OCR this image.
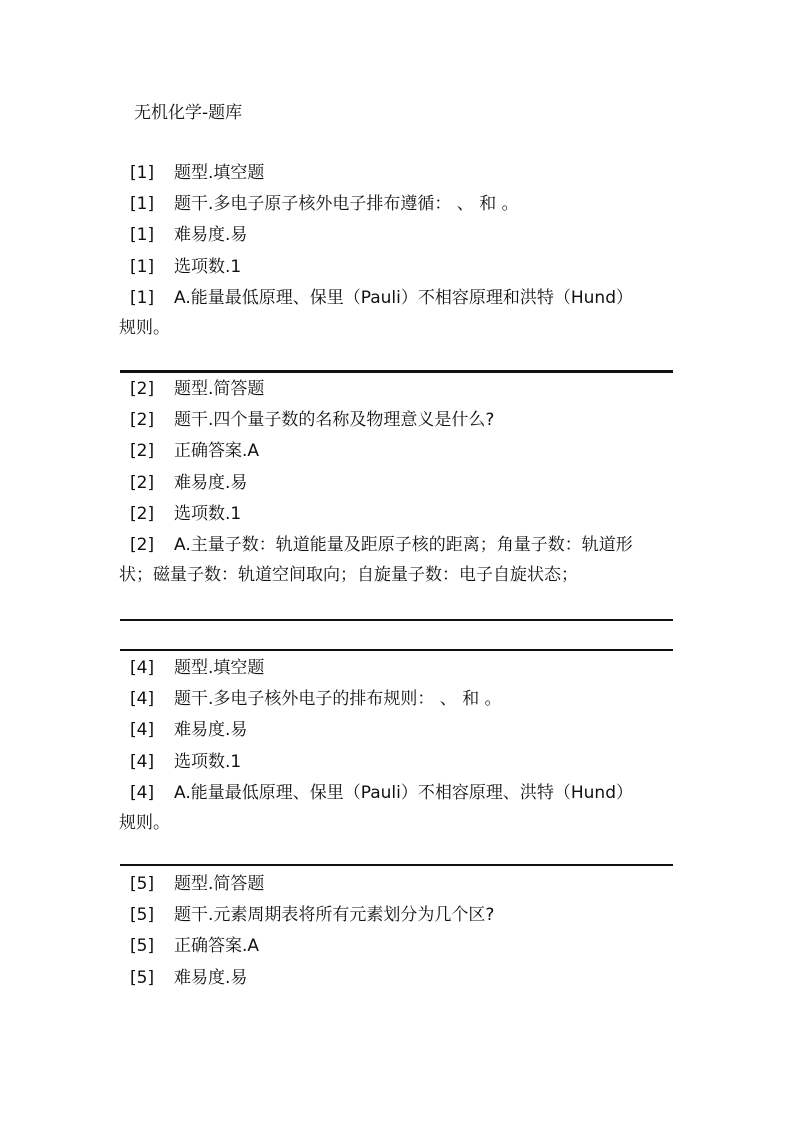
无机化学-题库
[1] 题型.填空题
[1] 题干.多电子原子核外电子排布遵循： 、 和 。
[1] 难易度.易
[1] 选项数.1
[1] A.能量最低原理、保里（Pauli）不相容原理和洪特（Hund）
规则。
[2] 题型.简答题
[2] 题干.四个量子数的名称及物理意义是什么?
[2] 正确答案.A
[2] 难易度.易
[2] 选项数.1
[2] A.主量子数：轨道能量及距原子核的距离；角量子数：轨道形
状；磁量子数：轨道空间取向；自旋量子数：电子自旋状态；
[4] 题型.填空题
[4] 题干.多电子核外电子的排布规则： 、 和 。
[4] 难易度.易
[4] 选项数.1
[4] A.能量最低原理、保里（Pauli）不相容原理、洪特（Hund）
规则。
[5] 题型.简答题
[5] 题干.元素周期表将所有元素划分为几个区?
[5] 正确答案.A
[5] 难易度.易
